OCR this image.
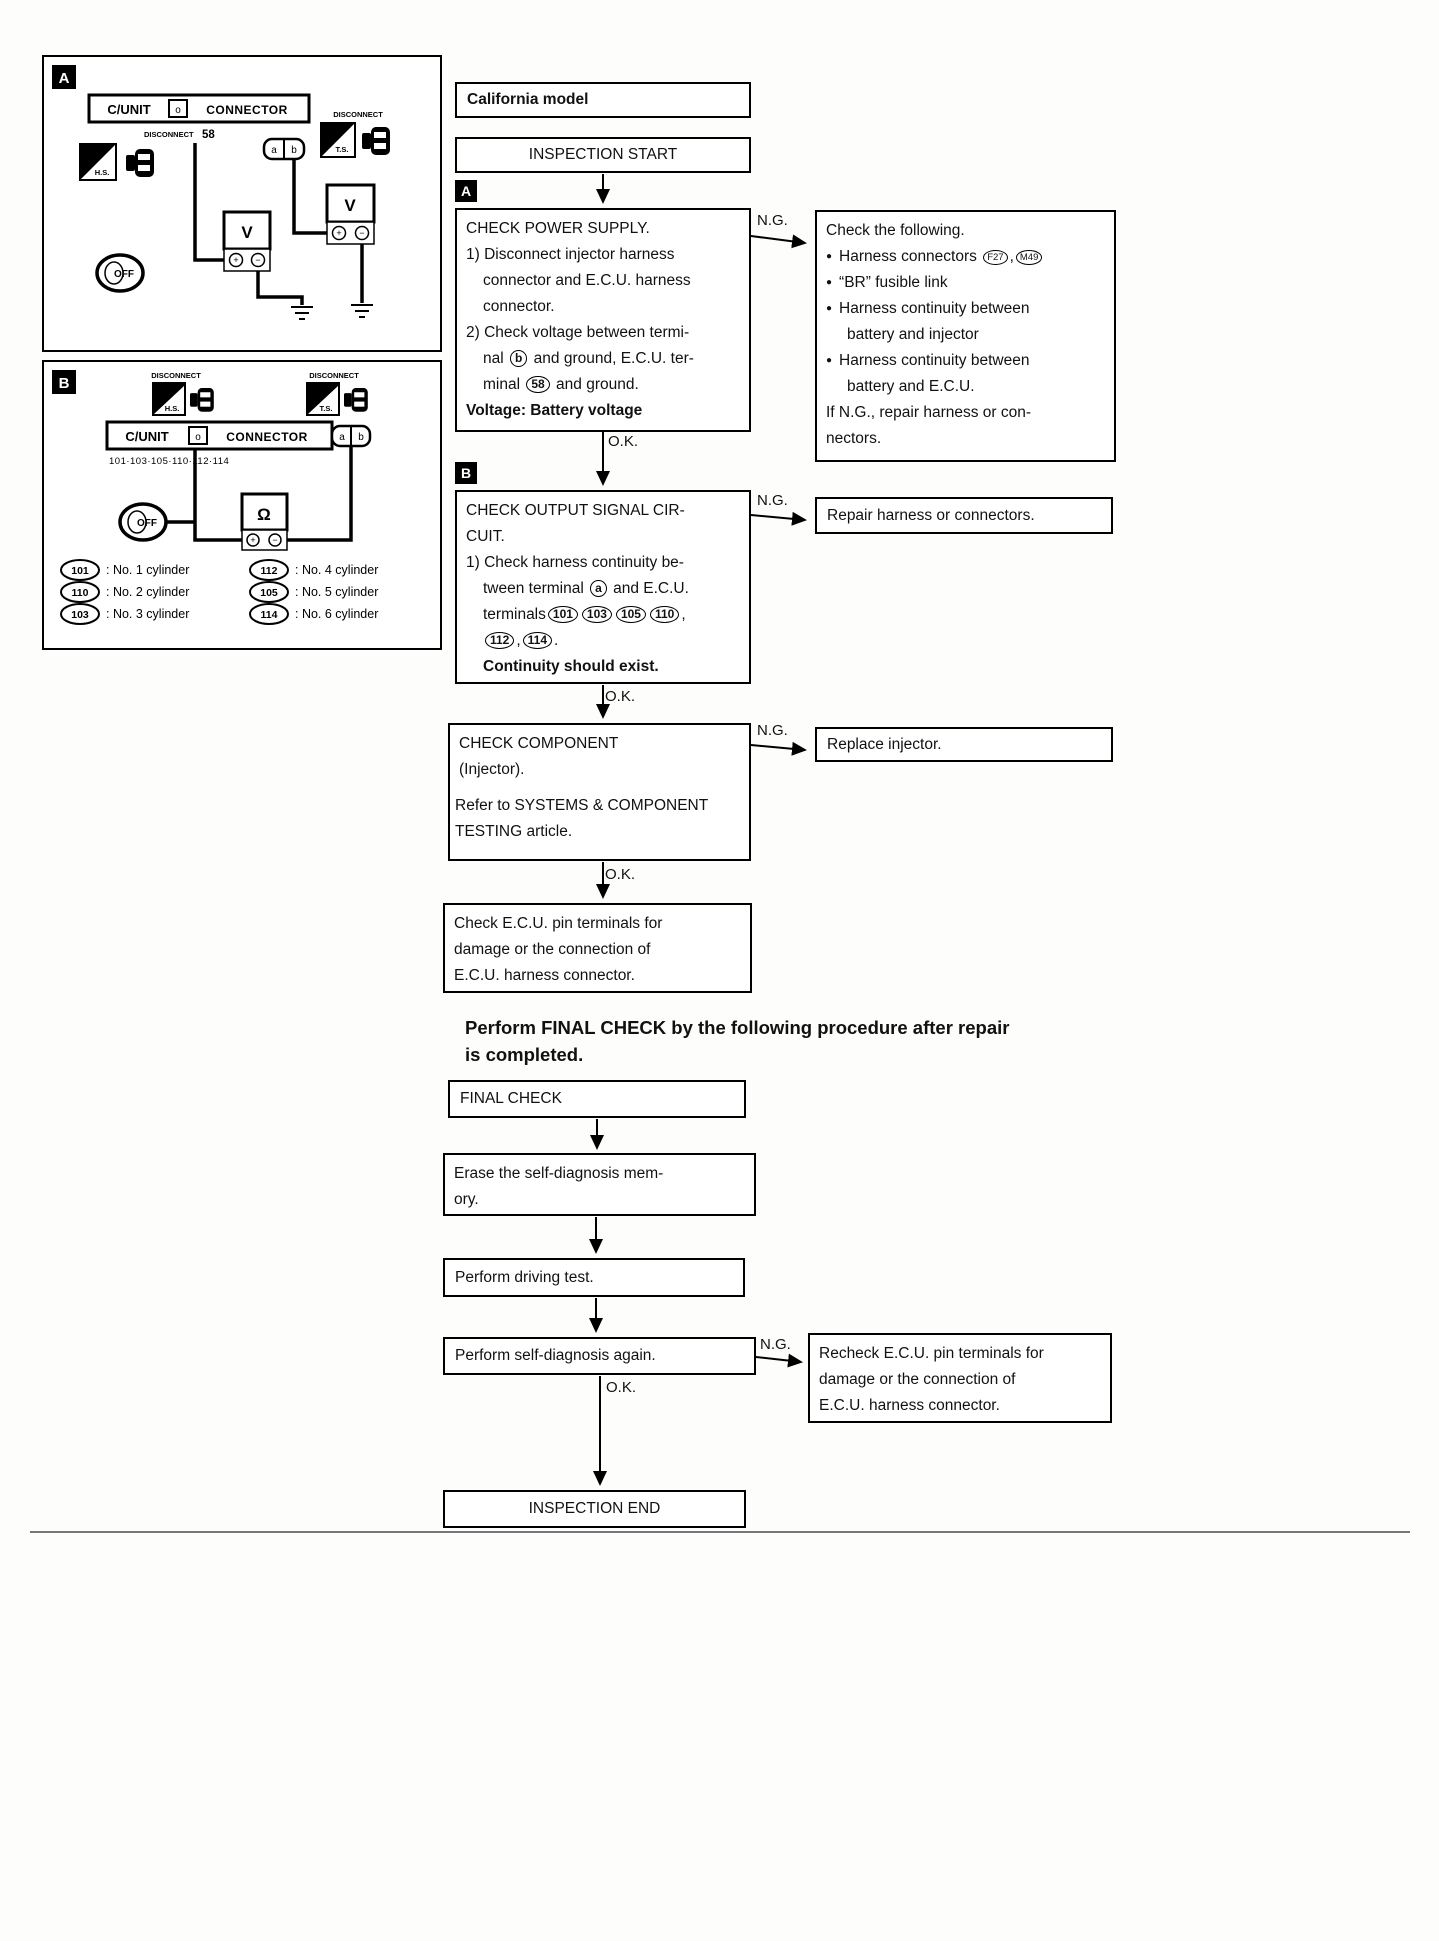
A
C/UNIT o CONNECTOR
DISCONNECT 58
H.S.
a b
DISCONNECT
T.S.
V
+ −
V
+ −
OFF
B	DISCONNECT
H.S.
DISCONNECT
T.S.
C/UNIT	o CONNECTOR
101·103·105·110·112·114
a b
OFF	Ω
+ −
101 : No. 1 cylinder
110 : No. 2 cylinder
103 : No. 3 cylinder
112 : No. 4 cylinder
105 : No. 5 cylinder
114 : No. 6 cylinder
California model
INSPECTION START
A
CHECK POWER SUPPLY.
1) Disconnect injector harness
connector and E.C.U. harness
connector.
2) Check voltage between termi-
nal b and ground, E.C.U. ter-
minal 58 and ground.
Voltage: Battery voltage
Check the following.
● Harness connectors F27 , M49
● “BR” fusible link
● Harness continuity between
battery and injector
● Harness continuity between
battery and E.C.U.
If N.G., repair harness or con-
nectors.
B
CHECK OUTPUT SIGNAL CIR-
CUIT.
1) Check harness continuity be-
tween terminal a and E.C.U.
terminals 101 103 105 110 ,
112 , 114 .
Continuity should exist.
Repair harness or connectors.
CHECK COMPONENT
(Injector).
Refer to SYSTEMS & COMPONENT
TESTING article.
Replace injector.
Check E.C.U. pin terminals for
damage or the connection of
E.C.U. harness connector.
Perform FINAL CHECK by the following procedure after repair
is completed.
FINAL CHECK
Erase the self-diagnosis mem-
ory.
Perform driving test.
Perform self-diagnosis again.	Recheck E.C.U. pin terminals for
damage or the connection of
E.C.U. harness connector.
INSPECTION END
N.G.
N.G.
N.G.
N.G.
O.K.
O.K.
O.K.
O.K.
